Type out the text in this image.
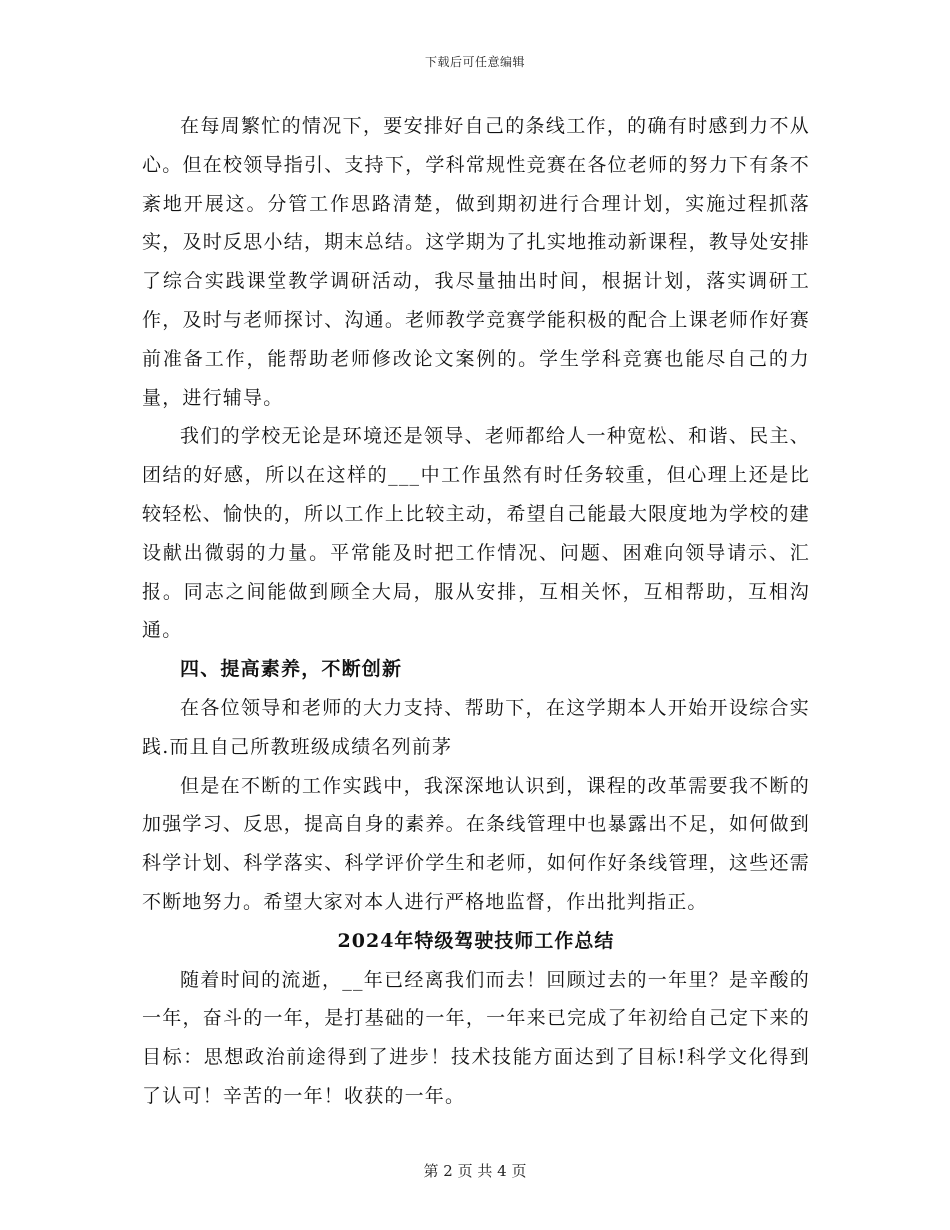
下载后可任意编辑

在每周繁忙的情况下，要安排好自己的条线工作，的确有时感到力不从心。但在校领导指引、支持下，学科常规性竞赛在各位老师的努力下有条不紊地开展这。分管工作思路清楚，做到期初进行合理计划，实施过程抓落实，及时反思小结，期末总结。这学期为了扎实地推动新课程，教导处安排了综合实践课堂教学调研活动，我尽量抽出时间，根据计划，落实调研工作，及时与老师探讨、沟通。老师教学竞赛学能积极的配合上课老师作好赛前准备工作，能帮助老师修改论文案例的。学生学科竞赛也能尽自己的力量，进行辅导。

我们的学校无论是环境还是领导、老师都给人一种宽松、和谐、民主、团结的好感，所以在这样的___中工作虽然有时任务较重，但心理上还是比较轻松、愉快的，所以工作上比较主动，希望自己能最大限度地为学校的建设献出微弱的力量。平常能及时把工作情况、问题、困难向领导请示、汇报。同志之间能做到顾全大局，服从安排，互相关怀，互相帮助，互相沟通。

四、提高素养，不断创新

在各位领导和老师的大力支持、帮助下，在这学期本人开始开设综合实践.而且自己所教班级成绩名列前茅

但是在不断的工作实践中，我深深地认识到，课程的改革需要我不断的加强学习、反思，提高自身的素养。在条线管理中也暴露出不足，如何做到科学计划、科学落实、科学评价学生和老师，如何作好条线管理，这些还需不断地努力。希望大家对本人进行严格地监督，作出批判指正。

2024年特级驾驶技师工作总结

随着时间的流逝，__年已经离我们而去！回顾过去的一年里？是辛酸的一年，奋斗的一年，是打基础的一年，一年来已完成了年初给自己定下来的目标：思想政治前途得到了进步！技术技能方面达到了目标!科学文化得到了认可！辛苦的一年！收获的一年。

第 2 页 共 4 页
